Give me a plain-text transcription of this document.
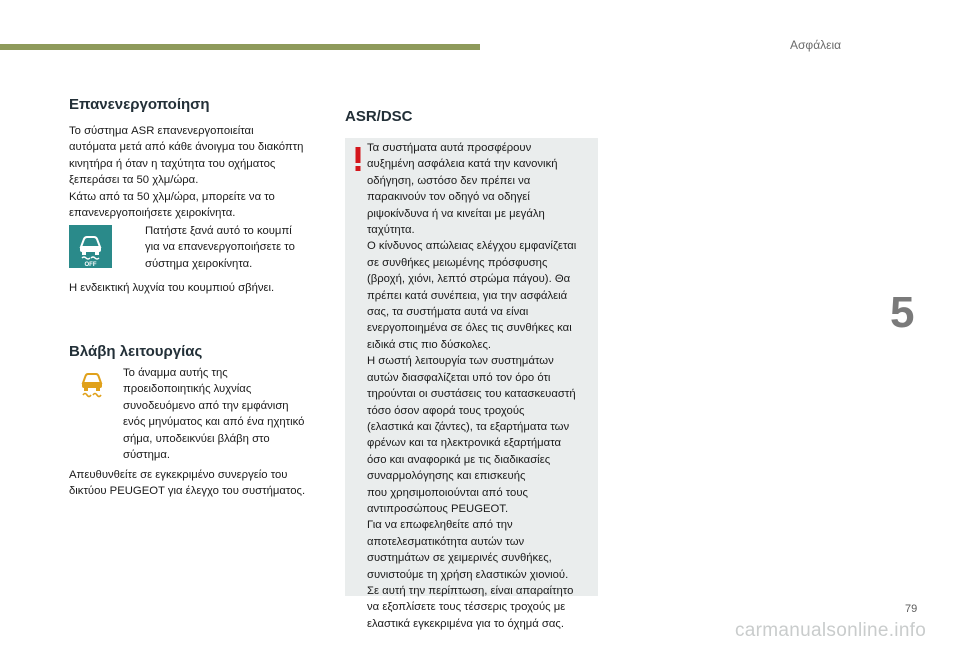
Ασφάλεια
Επανενεργοποίηση

Το σύστημα ASR επανενεργοποιείται
αυτόματα μετά από κάθε άνοιγμα του διακόπτη
κινητήρα ή όταν η ταχύτητα του οχήματος
ξεπεράσει τα 50 χλμ/ώρα.
Κάτω από τα 50 χλμ/ώρα, μπορείτε να το
επανενεργοποιήσετε χειροκίνητα.

OFF

Πατήστε ξανά αυτό το κουμπί
για να επανενεργοποιήσετε το
σύστημα χειροκίνητα.

Η ενδεικτική λυχνία του κουμπιού σβήνει.

Βλάβη λειτουργίας

Το άναμμα αυτής της
προειδοποιητικής λυχνίας
συνοδευόμενο από την εμφάνιση
ενός μηνύματος και από ένα ηχητικό
σήμα, υποδεικνύει βλάβη στο
σύστημα.

Απευθυνθείτε σε εγκεκριμένο συνεργείο του
δικτύου PEUGEOT για έλεγχο του συστήματος.

ASR/DSC

Τα συστήματα αυτά προσφέρουν
αυξημένη ασφάλεια κατά την κανονική
οδήγηση, ωστόσο δεν πρέπει να
παρακινούν τον οδηγό να οδηγεί
ριψοκίνδυνα ή να κινείται με μεγάλη
ταχύτητα.
Ο κίνδυνος απώλειας ελέγχου εμφανίζεται
σε συνθήκες μειωμένης πρόσφυσης
(βροχή, χιόνι, λεπτό στρώμα πάγου). Θα
πρέπει κατά συνέπεια, για την ασφάλειά
σας, τα συστήματα αυτά να είναι
ενεργοποιημένα σε όλες τις συνθήκες και
ειδικά στις πιο δύσκολες.
Η σωστή λειτουργία των συστημάτων
αυτών διασφαλίζεται υπό τον όρο ότι
τηρούνται οι συστάσεις του κατασκευαστή
τόσο όσον αφορά τους τροχούς
(ελαστικά και ζάντες), τα εξαρτήματα των
φρένων και τα ηλεκτρονικά εξαρτήματα
όσο και αναφορικά με τις διαδικασίες
συναρμολόγησης και επισκευής
που χρησιμοποιούνται από τους
αντιπροσώπους PEUGEOT.
Για να επωφεληθείτε από την
αποτελεσματικότητα αυτών των
συστημάτων σε χειμερινές συνθήκες,
συνιστούμε τη χρήση ελαστικών χιονιού.
Σε αυτή την περίπτωση, είναι απαραίτητο
να εξοπλίσετε τους τέσσερις τροχούς με
ελαστικά εγκεκριμένα για το όχημά σας.

5
79
carmanualsonline.info
